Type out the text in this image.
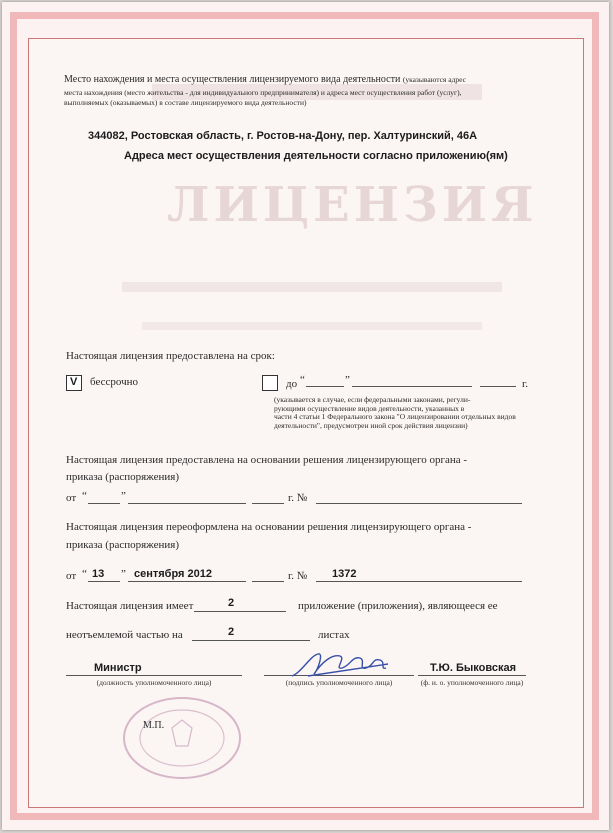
ЛИЦЕНЗИЯ
Место нахождения и места осуществления лицензируемого вида деятельности (указываются адрес
места нахождения (место жительства - для индивидуального предпринимателя) и адреса мест осуществления работ (услуг),
выполняемых (оказываемых) в составе лицензируемого вида деятельности)
344082, Ростовская область, г. Ростов-на-Дону, пер. Халтуринский, 46А
Адреса мест осуществления деятельности согласно приложению(ям)
Настоящая лицензия предоставлена на срок:
V бессрочно	до “	”	г.
(указывается в случае, если федеральными законами, регули-
рующими осуществление видов деятельности, указанных в
части 4 статьи 1 Федерального закона "О лицензировании отдельных видов
деятельности", предусмотрен иной срок действия лицензии)
Настоящая лицензия предоставлена на основании решения лицензирующего органа -
приказа (распоряжения)
от “	”	г. №
Настоящая лицензия переоформлена на основании решения лицензирующего органа -
приказа (распоряжения)
от “ 13 ” сентября 2012	г. № 1372
Настоящая лицензия имеет	2	приложение (приложения), являющееся ее
неотъемлемой частью на	2	листах
Министр
(должность уполномоченного лица)	(подпись уполномоченного лица)
Т.Ю. Быковская
(ф. и. о. уполномоченного лица)
М.П.
